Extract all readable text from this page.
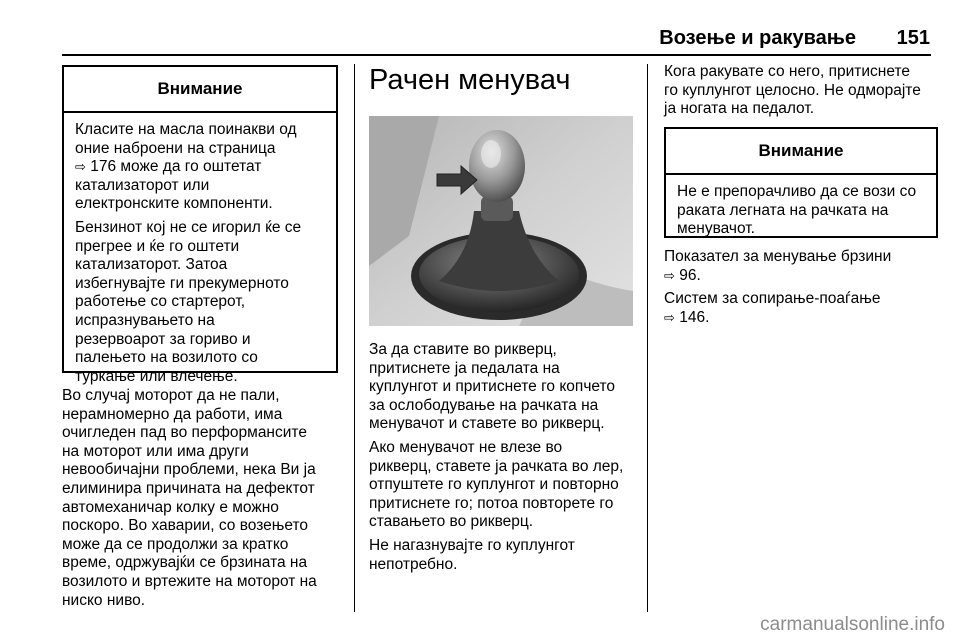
Возење и ракување	151
Внимание

Класите на масла поинакви од
оние наброени на страница
⇨ 176 може да го оштетат
катализаторот или
електронските компоненти.

Бензинот кој не се игорил ќе се
прегрее и ќе го оштети
катализаторот. Затоа
избегнувајте ги прекумерното
работење со стартерот,
испразнувањето на
резервоарот за гориво и
палењето на возилото со
туркање или влечење.

Во случај моторот да не пали,
нерамномерно да работи, има
очигледен пад во перформансите
на моторот или има други
невообичајни проблеми, нека Ви ја
елиминира причината на дефектот
автомеханичар колку е можно
поскоро. Во хаварии, со возењето
може да се продолжи за кратко
време, одржувајќи се брзината на
возилото и вртежите на моторот на
ниско ниво.

Рачен менувач

За да ставите во рикверц,
притиснете ја педалата на
куплунгот и притиснете го копчето
за ослободување на рачката на
менувачот и ставете во рикверц.

Ако менувачот не влезе во
рикверц, ставете ја рачката во лер,
отпуштете го куплунгот и повторно
притиснете го; потоа повторете го
ставањето во рикверц.

Не нагазнувајте го куплунгот
непотребно.

Кога ракувате со него, притиснете
го куплунгот целосно. Не одморајте
ја ногата на педалот.

Внимание

Не е препорачливо да се вози со
раката легната на рачката на
менувачот.

Показател за менување брзини
⇨ 96.

Систем за сопирање-поаѓање
⇨ 146.

carmanualsonline.info
